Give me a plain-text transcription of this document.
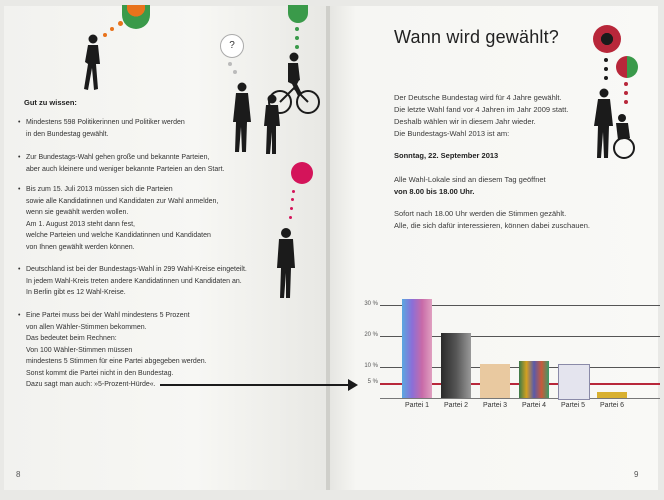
?
Gut zu wissen:
• Mindestens 598 Politikerinnen und Politiker werden
in den Bundestag gewählt.
• Zur Bundestags-Wahl gehen große und bekannte Parteien,
aber auch kleinere und weniger bekannte Parteien an den Start.
• Bis zum 15. Juli 2013 müssen sich die Parteien
sowie alle Kandidatinnen und Kandidaten zur Wahl anmelden,
wenn sie gewählt werden wollen.
Am 1. August 2013 steht dann fest,
welche Parteien und welche Kandidatinnen und Kandidaten
von Ihnen gewählt werden können.
• Deutschland ist bei der Bundestags-Wahl in 299 Wahl-Kreise eingeteilt.
In jedem Wahl-Kreis treten andere Kandidatinnen und Kandidaten an.
In Berlin gibt es 12 Wahl-Kreise.
• Eine Partei muss bei der Wahl mindestens 5 Prozent
von allen Wähler-Stimmen bekommen.
Das bedeutet beim Rechnen:
Von 100 Wähler-Stimmen müssen
mindestens 5 Stimmen für eine Partei abgegeben werden.
Sonst kommt die Partei nicht in den Bundestag.
Dazu sagt man auch: »5-Prozent-Hürde«.
8
Wann wird gewählt?
Der Deutsche Bundestag wird für 4 Jahre gewählt.
Die letzte Wahl fand vor 4 Jahren im Jahr 2009 statt.
Deshalb wählen wir in diesem Jahr wieder.
Die Bundestags-Wahl 2013 ist am:
Sonntag, 22. September 2013
Alle Wahl-Lokale sind an diesem Tag geöffnet
von 8.00 bis 18.00 Uhr.
Sofort nach 18.00 Uhr werden die Stimmen gezählt.
Alle, die sich dafür interessieren, können dabei zuschauen.
30 %
20 %
10 %
5 %
Partei 1	Partei 2	Partei 3	Partei 4	Partei 5	Partei 6
9
